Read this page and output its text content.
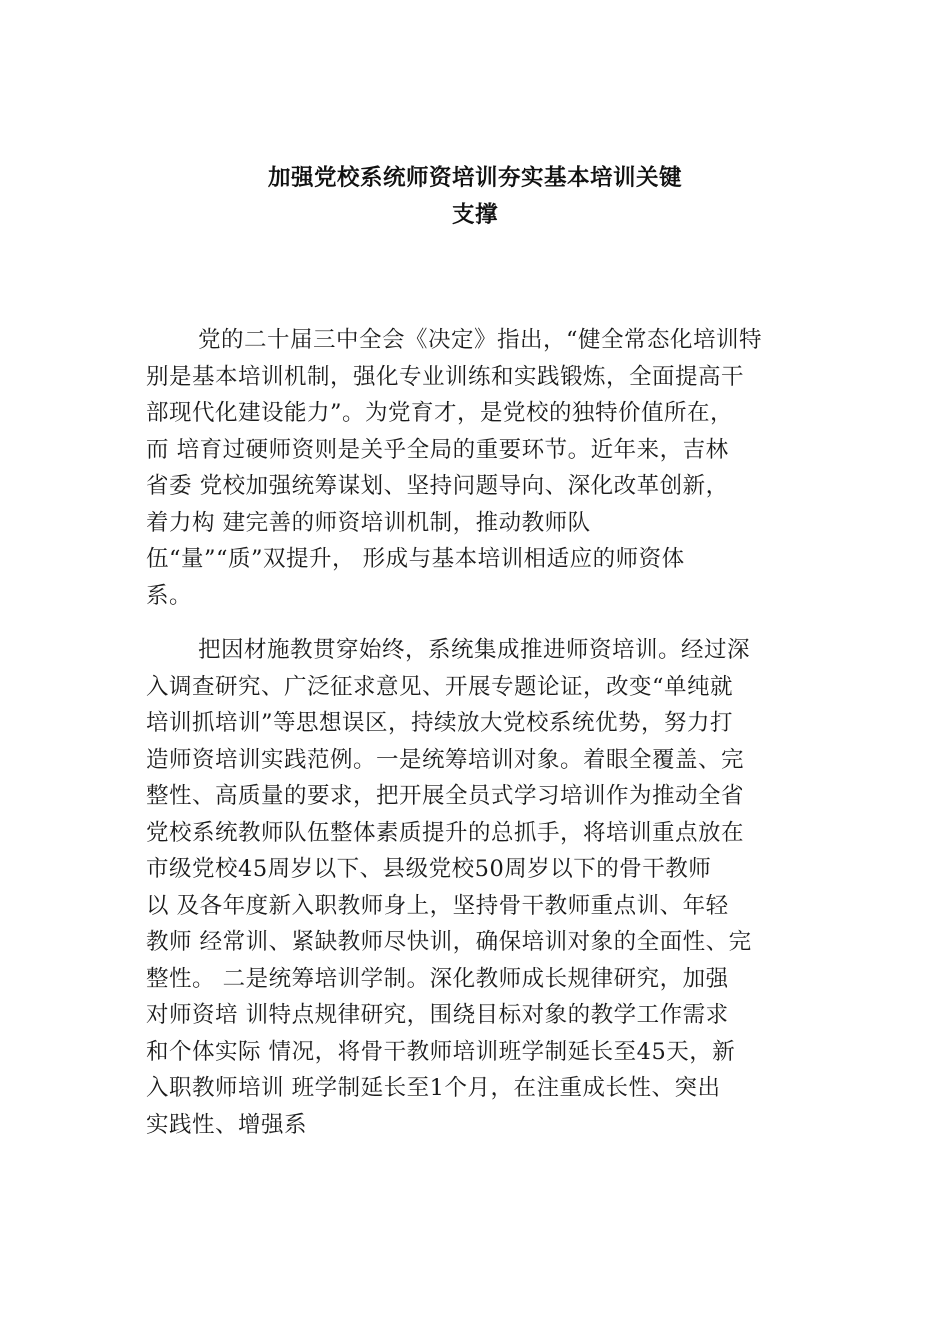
加强党校系统师资培训夯实基本培训关键
支撑
党的二十届三中全会《决定》指出，“健全常态化培训特
别是基本培训机制，强化专业训练和实践锻炼，全面提高干
部现代化建设能力”。为党育才，是党校的独特价值所在，
而 培育过硬师资则是关乎全局的重要环节。近年来，吉林
省委 党校加强统筹谋划、坚持问题导向、深化改革创新，
着力构 建完善的师资培训机制，推动教师队
伍“量”“质”双提升， 形成与基本培训相适应的师资体
系。
把因材施教贯穿始终，系统集成推进师资培训。经过深
入调查研究、广泛征求意见、开展专题论证，改变“单纯就
培训抓培训”等思想误区，持续放大党校系统优势，努力打
造师资培训实践范例。一是统筹培训对象。着眼全覆盖、完
整性、高质量的要求，把开展全员式学习培训作为推动全省
党校系统教师队伍整体素质提升的总抓手，将培训重点放在
市级党校45周岁以下、县级党校50周岁以下的骨干教师
以 及各年度新入职教师身上，坚持骨干教师重点训、年轻
教师 经常训、紧缺教师尽快训，确保培训对象的全面性、完
整性。 二是统筹培训学制。深化教师成长规律研究，加强
对师资培 训特点规律研究，围绕目标对象的教学工作需求
和个体实际 情况，将骨干教师培训班学制延长至45天，新
入职教师培训 班学制延长至1个月，在注重成长性、突出
实践性、增强系
